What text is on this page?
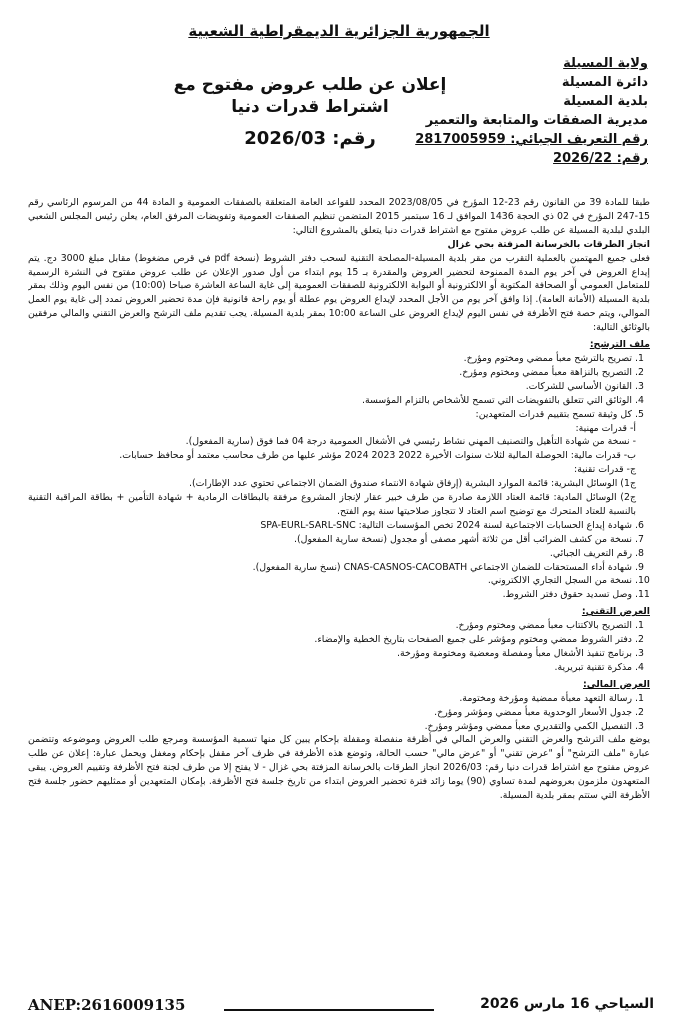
الجمهورية الجزائرية الديمقراطية الشعبية
ولاية المسيلة
دائرة المسيلة
بلدية المسيلة
مديرية الصفقات والمتابعة والتعمير
رقم التعريف الجبائي: 2817005959
رقم: 2026/22
إعلان عن طلب عروض مفتوح مع اشتراط قدرات دنيا
رقم: 2026/03

طبقا للمادة 39 من القانون رقم 23-12 المؤرخ في 2023/08/05 المحدد للقواعد العامة المتعلقة بالصفقات العمومية و المادة 44 من المرسوم الرئاسي رقم 15-247 المؤرخ في 02 ذي الحجة 1436 الموافق لـ 16 سبتمبر 2015 المتضمن تنظيم الصفقات العمومية وتفويضات المرفق العام، يعلن رئيس المجلس الشعبي البلدي لبلدية المسيلة عن طلب عروض مفتوح مع اشتراط قدرات دنيا يتعلق بالمشروع التالي:

انجاز الطرقات بالخرسانة المزفتة بحي غزال

فعلى جميع المهتمين بالعملية التقرب من مقر بلدية المسيلة-المصلحة التقنية لسحب دفتر الشروط (نسخة pdf في قرص مضغوط) مقابل مبلغ 3000 دج. يتم إيداع العروض في آخر يوم المدة الممنوحة لتحضير العروض والمقدرة بـ 15 يوم ابتداء من أول صدور الإعلان عن طلب عروض مفتوح في النشرة الرسمية للمتعامل العمومي أو الصحافة المكتوبة أو الالكترونية أو البوابة الالكترونية للصفقات العمومية إلى غاية الساعة العاشرة صباحا (10:00) من نفس اليوم وذلك بمقر بلدية المسيلة (الأمانة العامة). إذا وافق آخر يوم من الأجل المحدد لإيداع العروض يوم عطلة أو يوم راحة قانونية فإن مدة تحضير العروض تمدد إلى غاية يوم العمل الموالي، ويتم حصة فتح الأظرفة في نفس اليوم لإيداع العروض على الساعة 10:00 بمقر بلدية المسيلة. يجب تقديم ملف الترشح والعرض التقني والمالي مرفقين بالوثائق التالية:

ملف الترشح:
1. تصريح بالترشح معبأ ممضي ومختوم ومؤرخ.
2. التصريح بالنزاهة معبأ ممضي ومختوم ومؤرخ.
3. القانون الأساسي للشركات.
4. الوثائق التي تتعلق بالتفويضات التي تسمح للأشخاص بالتزام المؤسسة.
5. كل وثيقة تسمح بتقييم قدرات المتعهدين:

أ- قدرات مهنية:

- نسخة من شهادة التأهيل والتصنيف المهني نشاط رئيسي في الأشغال العمومية درجة 04 فما فوق (سارية المفعول).

ب- قدرات مالية: الحوصلة المالية لثلاث سنوات الأخيرة 2022 2023 2024 مؤشر عليها من طرف محاسب معتمد أو محافظ حسابات.

ج- قدرات تقنية:

ج1) الوسائل البشرية: قائمة الموارد البشرية (إرفاق شهادة الانتماء صندوق الضمان الاجتماعي تحتوي عدد الإطارات).

ج2) الوسائل المادية: قائمة العتاد اللازمة صادرة من طرف خبير عقار لإنجاز المشروع مرفقة بالبطاقات الرمادية + شهادة التأمين + بطاقة المراقبة التقنية بالنسبة للعتاد المتحرك مع توضيح اسم العتاد لا تتجاوز صلاحيتها سنة يوم الفتح.

6. شهادة إيداع الحسابات الاجتماعية لسنة 2024 تخص المؤسسات التالية: SPA-EURL-SARL-SNC
7. نسخة من كشف الضرائب أقل من ثلاثة أشهر مصفى أو مجدول (نسخة سارية المفعول).
8. رقم التعريف الجبائي.
9. شهادة أداء المستحقات للضمان الاجتماعي CNAS-CASNOS-CACOBATH (نسخ سارية المفعول).
10. نسخة من السجل التجاري الالكتروني.
11. وصل تسديد حقوق دفتر الشروط.
العرض التقني:
1. التصريح بالاكتتاب معبأ ممضي ومختوم ومؤرخ.
2. دفتر الشروط ممضي ومختوم ومؤشر على جميع الصفحات بتاريخ الخطية والإمضاء.
3. برنامج تنفيذ الأشغال معبأ ومفصلة ومعضية ومختومة ومؤرخة.
4. مذكرة تقنية تبريرية.
العرض المالي:
1. رسالة التعهد معبأة ممضية ومؤرخة ومختومة.
2. جدول الأسعار الوحدوية معبأ ممضي ومؤشر ومؤرخ.
3. التفصيل الكمي والتقديري معبأ ممضي ومؤشر ومؤرخ.

يوضع ملف الترشح والعرض التقني والعرض المالي في أظرفة منفصلة ومقفلة بإحكام يبين كل منها تسمية المؤسسة ومرجع طلب العروض وموضوعه وتتضمن عبارة "ملف الترشح" أو "عرض تقني" أو "عرض مالي" حسب الحالة، وتوضع هذه الأظرفة في ظرف آخر مقفل بإحكام ومغفل ويحمل عبارة: إعلان عن طلب عروض مفتوح مع اشتراط قدرات دنيا رقم: 2026/03 انجاز الطرقات بالخرسانة المزفتة بحي غزال - لا يفتح إلا من طرف لجنة فتح الأظرفة وتقييم العروض. يبقى المتعهدون ملزمون بعروضهم لمدة تساوي (90) يوما زائد فترة تحضير العروض ابتداء من تاريخ جلسة فتح الأظرفة. بإمكان المتعهدين أو ممثليهم حضور جلسة فتح الأظرفة التي ستتم بمقر بلدية المسيلة.

السياحي 16 مارس 2026
ANEP:2616009135
